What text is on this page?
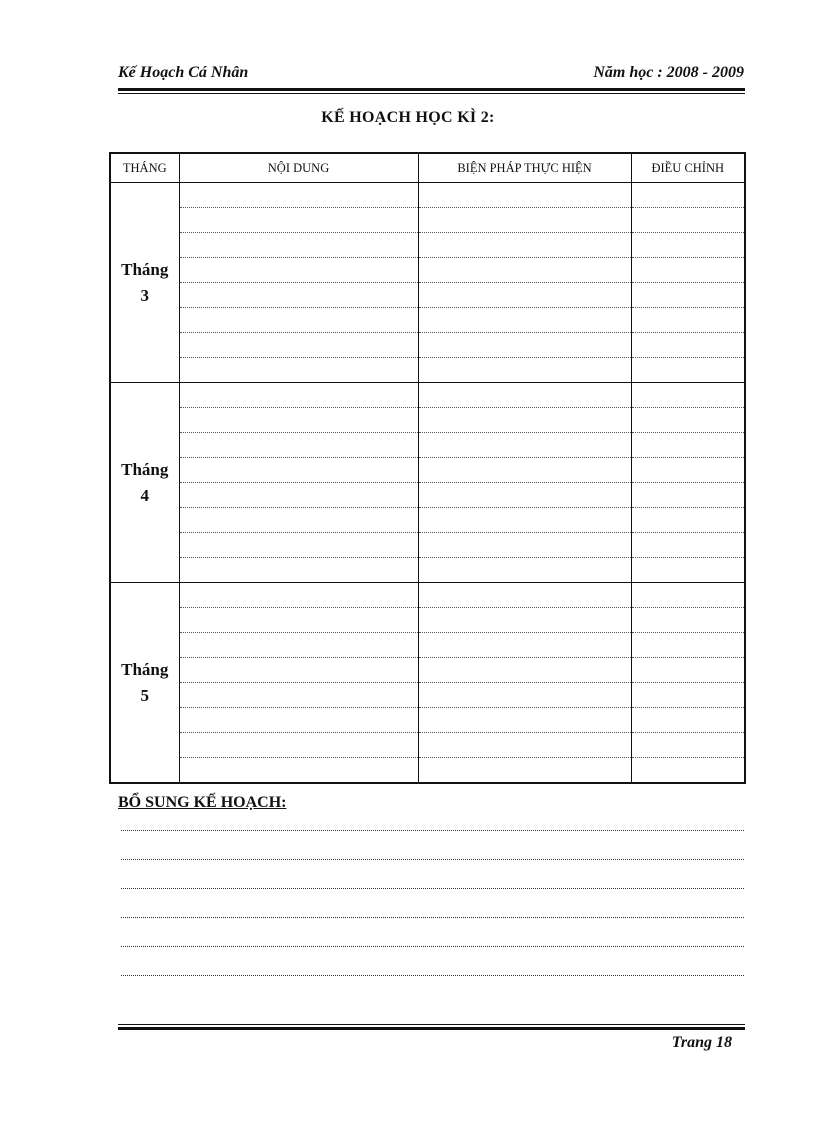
Kế Hoạch Cá Nhân	Năm học : 2008 - 2009
KẾ HOẠCH HỌC KÌ 2:
THÁNG	NỘI DUNG	BIỆN PHÁP THỰC HIỆN	ĐIỀU CHỈNH

Tháng
3			

Tháng
4			

Tháng
5			

BỔ SUNG KẾ HOẠCH:
Trang 18
